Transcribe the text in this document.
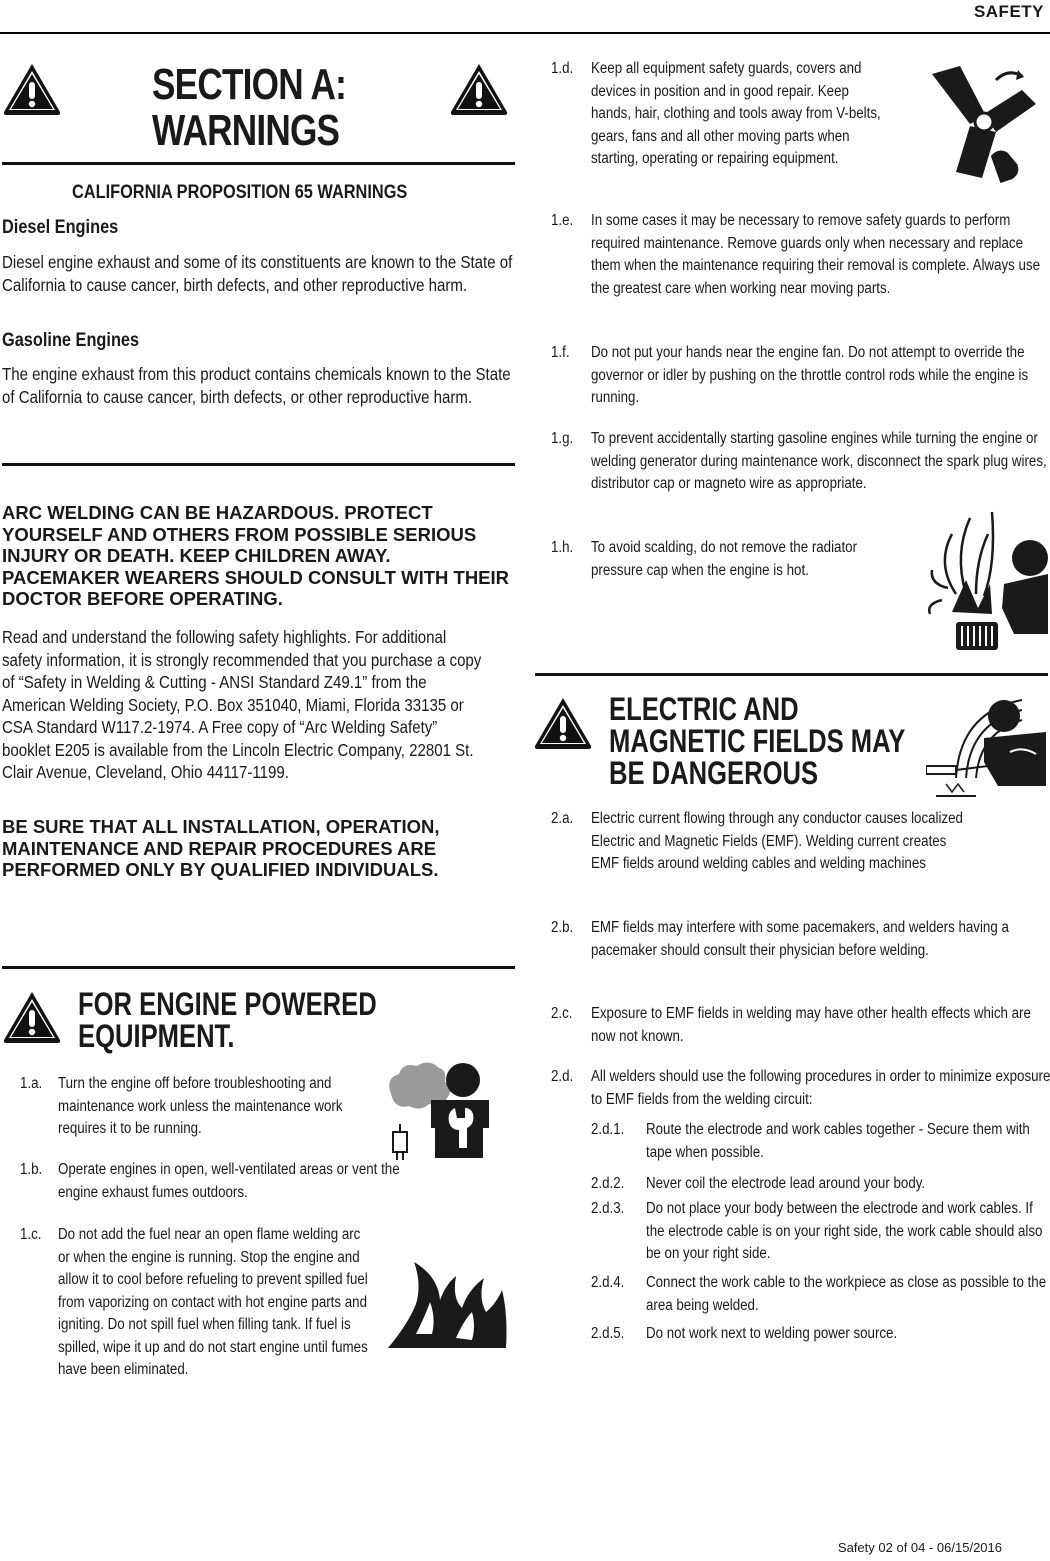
SAFETY
SECTION A:
WARNINGS
CALIFORNIA PROPOSITION 65 WARNINGS
Diesel Engines
Diesel engine exhaust and some of its constituents are known to the State of California to cause cancer, birth defects, and other reproductive harm.
Gasoline Engines
The engine exhaust from this product contains chemicals known to the State of California to cause cancer, birth defects, or other reproductive harm.
ARC WELDING CAN BE HAZARDOUS. PROTECT YOURSELF AND OTHERS FROM POSSIBLE SERIOUS INJURY OR DEATH. KEEP CHILDREN AWAY. PACEMAKER WEARERS SHOULD CONSULT WITH THEIR DOCTOR BEFORE OPERATING.
Read and understand the following safety highlights. For additional safety information, it is strongly recommended that you purchase a copy of “Safety in Welding & Cutting - ANSI Standard Z49.1” from the American Welding Society, P.O. Box 351040, Miami, Florida 33135 or CSA Standard W117.2-1974. A Free copy of “Arc Welding Safety” booklet E205 is available from the Lincoln Electric Company, 22801 St. Clair Avenue, Cleveland, Ohio 44117-1199.
BE SURE THAT ALL INSTALLATION, OPERATION, MAINTENANCE AND REPAIR PROCEDURES ARE PERFORMED ONLY BY QUALIFIED INDIVIDUALS.
FOR ENGINE POWERED
EQUIPMENT.
1.a. Turn the engine off before troubleshooting and maintenance work unless the maintenance work requires it to be running.
1.b. Operate engines in open, well-ventilated areas or vent the engine exhaust fumes outdoors.
1.c. Do not add the fuel near an open flame welding arc or when the engine is running. Stop the engine and allow it to cool before refueling to prevent spilled fuel from vaporizing on contact with hot engine parts and igniting. Do not spill fuel when filling tank. If fuel is spilled, wipe it up and do not start engine until fumes have been eliminated.
1.d. Keep all equipment safety guards, covers and devices in position and in good repair. Keep hands, hair, clothing and tools away from V-belts, gears, fans and all other moving parts when starting, operating or repairing equipment.
1.e. In some cases it may be necessary to remove safety guards to perform required maintenance. Remove guards only when necessary and replace them when the maintenance requiring their removal is complete. Always use the greatest care when working near moving parts.
1.f. Do not put your hands near the engine fan. Do not attempt to override the governor or idler by pushing on the throttle control rods while the engine is running.
1.g. To prevent accidentally starting gasoline engines while turning the engine or welding generator during maintenance work, disconnect the spark plug wires, distributor cap or magneto wire as appropriate.
1.h. To avoid scalding, do not remove the radiator pressure cap when the engine is hot.
ELECTRIC AND
MAGNETIC FIELDS MAY
BE DANGEROUS
2.a. Electric current flowing through any conductor causes localized Electric and Magnetic Fields (EMF). Welding current creates EMF fields around welding cables and welding machines
2.b. EMF fields may interfere with some pacemakers, and welders having a pacemaker should consult their physician before welding.
2.c. Exposure to EMF fields in welding may have other health effects which are now not known.
2.d. All welders should use the following procedures in order to minimize exposure to EMF fields from the welding circuit:
2.d.1. Route the electrode and work cables together - Secure them with tape when possible.
2.d.2. Never coil the electrode lead around your body.
2.d.3. Do not place your body between the electrode and work cables. If the electrode cable is on your right side, the work cable should also be on your right side.
2.d.4. Connect the work cable to the workpiece as close as possible to the area being welded.
2.d.5. Do not work next to welding power source.
Safety 02 of 04 - 06/15/2016
